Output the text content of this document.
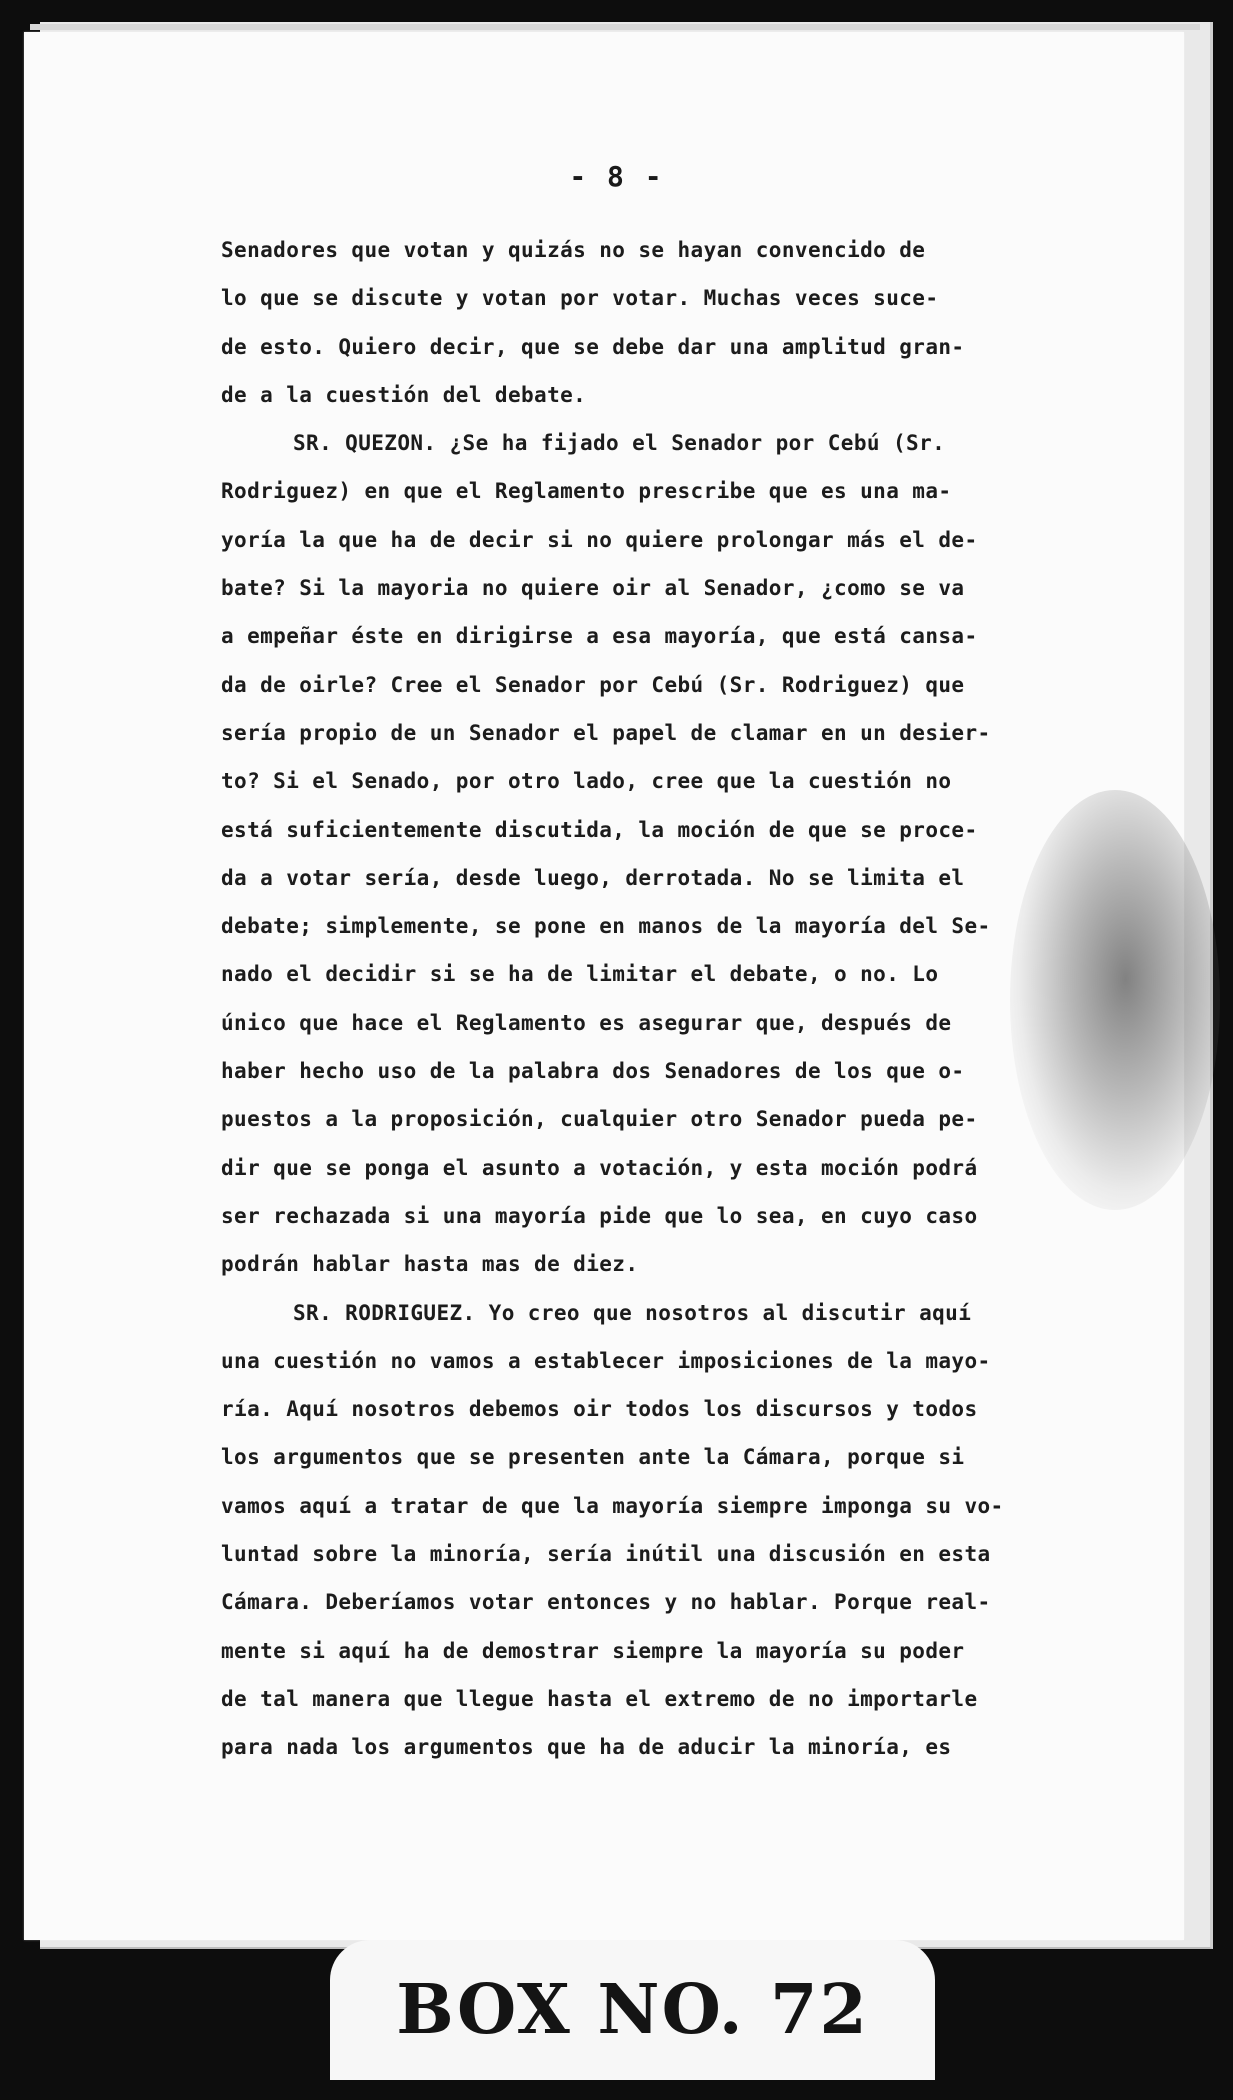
- 8 -
Senadores que votan y quizás no se hayan convencido de
lo que se discute y votan por votar. Muchas veces suce-
de esto. Quiero decir, que se debe dar una amplitud gran-
de a la cuestión del debate.
SR. QUEZON. ¿Se ha fijado el Senador por Cebú (Sr.
Rodriguez) en que el Reglamento prescribe que es una ma-
yoría la que ha de decir si no quiere prolongar más el de-
bate? Si la mayoria no quiere oir al Senador, ¿como se va
a empeñar éste en dirigirse a esa mayoría, que está cansa-
da de oirle? Cree el Senador por Cebú (Sr. Rodriguez) que
sería propio de un Senador el papel de clamar en un desier-
to? Si el Senado, por otro lado, cree que la cuestión no
está suficientemente discutida, la moción de que se proce-
da a votar sería, desde luego, derrotada. No se limita el
debate; simplemente, se pone en manos de la mayoría del Se-
nado el decidir si se ha de limitar el debate, o no. Lo
único que hace el Reglamento es asegurar que, después de
haber hecho uso de la palabra dos Senadores de los que o-
puestos a la proposición, cualquier otro Senador pueda pe-
dir que se ponga el asunto a votación, y esta moción podrá
ser rechazada si una mayoría pide que lo sea, en cuyo caso
podrán hablar hasta mas de diez.
SR. RODRIGUEZ. Yo creo que nosotros al discutir aquí
una cuestión no vamos a establecer imposiciones de la mayo-
ría. Aquí nosotros debemos oir todos los discursos y todos
los argumentos que se presenten ante la Cámara, porque si
vamos aquí a tratar de que la mayoría siempre imponga su vo-
luntad sobre la minoría, sería inútil una discusión en esta
Cámara. Deberíamos votar entonces y no hablar. Porque real-
mente si aquí ha de demostrar siempre la mayoría su poder
de tal manera que llegue hasta el extremo de no importarle
para nada los argumentos que ha de aducir la minoría, es
BOX NO. 72
